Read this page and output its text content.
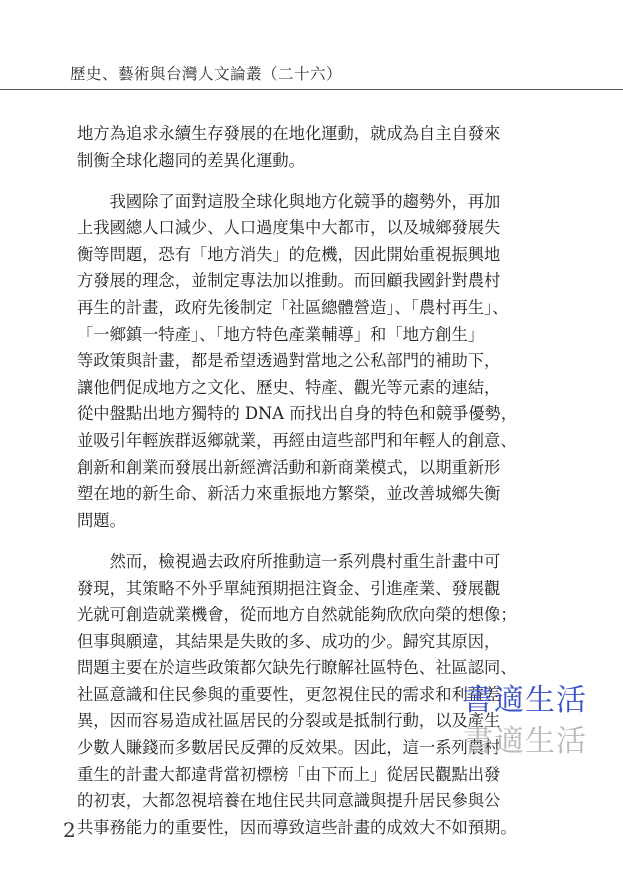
歷史、藝術與台灣人文論叢（二十六）

地方為追求永續生存發展的在地化運動，就成為自主自發來
制衡全球化趨同的差異化運動。

　　我國除了面對這股全球化與地方化競爭的趨勢外，再加
上我國總人口減少、人口過度集中大都市，以及城鄉發展失
衡等問題，恐有「地方消失」的危機，因此開始重視振興地
方發展的理念，並制定專法加以推動。而回顧我國針對農村
再生的計畫，政府先後制定「社區總體營造」、「農村再生」、
「一鄉鎮一特產」、「地方特色產業輔導」和「地方創生」
等政策與計畫，都是希望透過對當地之公私部門的補助下，
讓他們促成地方之文化、歷史、特產、觀光等元素的連結，
從中盤點出地方獨特的 DNA 而找出自身的特色和競爭優勢，
並吸引年輕族群返鄉就業，再經由這些部門和年輕人的創意、
創新和創業而發展出新經濟活動和新商業模式，以期重新形
塑在地的新生命、新活力來重振地方繁榮，並改善城鄉失衡
問題。

　　然而，檢視過去政府所推動這一系列農村重生計畫中可
發現，其策略不外乎單純預期挹注資金、引進產業、發展觀
光就可創造就業機會，從而地方自然就能夠欣欣向榮的想像；
但事與願違，其結果是失敗的多、成功的少。歸究其原因，
問題主要在於這些政策都欠缺先行瞭解社區特色、社區認同、
社區意識和住民參與的重要性，更忽視住民的需求和利益差
異，因而容易造成社區居民的分裂或是抵制行動，以及產生
少數人賺錢而多數居民反彈的反效果。因此，這一系列農村
重生的計畫大都違背當初標榜「由下而上」從居民觀點出發
的初衷，大都忽視培養在地住民共同意識與提升居民參與公
共事務能力的重要性，因而導致這些計畫的成效大不如預期。

2
書適生活
書適生活
